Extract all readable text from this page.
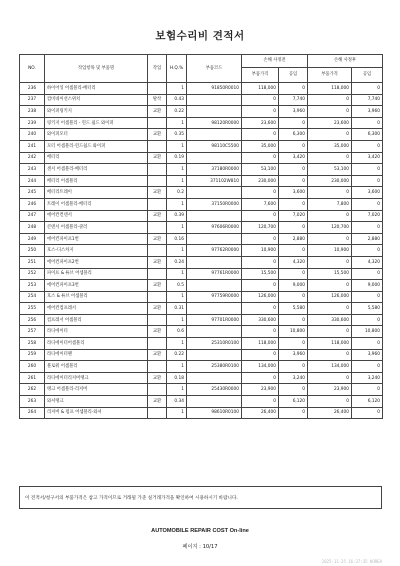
보험수리비 견적서
NO.	작업항목 및 부품명	작업	H.Q.%	부품코드	손해 사정전		손해 사정후	
					부품가격	공임	부품가격	공임
236	하이어잉 어셈블리-배터리		1	91850R0010	118,000	0	118,000	0
237	컴비네이션스위치	탈착	0.43		0	7,740	0	7,740
238	와이퍼링키지	교환	0.22		0	3,960	0	3,960
239	링키지 어셈블리 - 윈드 쉴드 와이퍼		1	98120R0000	23,600	0	23,600	0
240	와이퍼모터	교환	0.35		0	6,300	0	6,300
241	모터 어셈블리-윈드쉴드 와이퍼		1	98110C5500	35,000	0	35,000	0
242	배터리	교환	0.19		0	3,420	0	3,420
243	센서 어셈블리-배터리		1	37180R0000	53,100	0	53,100	0
244	배터리 어셈블리		1	371102W810	230,000	0	230,000	0
245	배터리트레이	교환	0.2		0	3,600	0	3,600
246	트레이 어셈블리-배터리		1	37150R0000	7,600	0	7,800	0
247	에어컨컨덴서	교환	0.39		0	7,020	0	7,020
248	콘덴서 어셈블리-쿨러		1	97606R0000	120,700	0	120,700	0
249	에어컨파이프1번	교환	0.16		0	2,880	0	2,880
250	호스-디스차지		1	97762R0000	10,900	0	10,900	0
251	에어컨파이프2번	교환	0.24		0	4,320	0	4,320
252	파이프 & 튜브 어셈블리		1	97761R0000	15,500	0	15,500	0
253	에어컨파이프3번	교환	0.5		0	9,000	0	9,000
254	호스 & 튜브 어셈블리		1	97759R0000	126,000	0	126,000	0
255	에어컨컴프레서	교환	0.31		0	5,580	0	5,580
256	컴프레서 어셈블리		1	97701R0000	330,600	0	330,600	0
257	라디에이터	교환	0.6		0	10,800	0	10,800
258	라디에이터어셈블리		1	25310R0100	118,000	0	118,000	0
259	라디에이터팬	교환	0.22		0	3,960	0	3,960
260	블로워 어셈블리		1	25380R0100	134,000	0	134,000	0
261	라디에이터리저버탱크	교환	0.18		0	3,240	0	3,240
262	탱크 어셈블리-리저버		1	25430R0000	23,900	0	23,900	0
263	와셔탱크	교환	0.34		0	6,120	0	6,120
264	리저버 & 펌프 어셈블리-와셔		1	98610R0100	26,400	0	26,400	0
이 견적서/청구서의 부품가격은 참고 가격이므로 거래될 가준 실거래가격을 확인하여 시용하시기 바랍니다.
AUTOMOBILE REPAIR COST On-line
페이지 : 10/17
2025-11-25 16:37:35 KOREA
